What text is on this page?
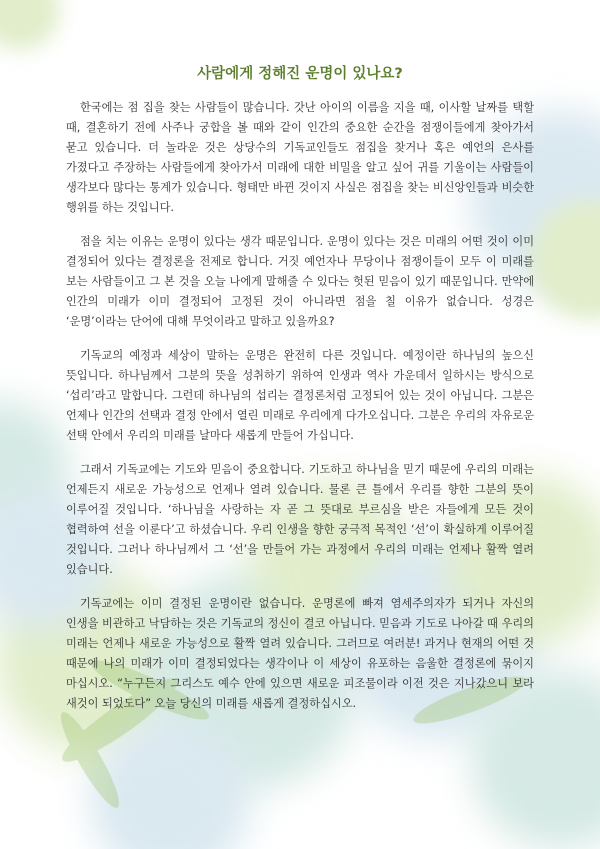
사람에게 정해진 운명이 있나요?

한국에는 점 집을 찾는 사람들이 많습니다. 갓난 아이의 이름을 지을 때, 이사할 날짜를 택할 때, 결혼하기 전에 사주나 궁합을 볼 때와 같이 인간의 중요한 순간을 점쟁이들에게 찾아가서 묻고 있습니다. 더 놀라운 것은 상당수의 기독교인들도 점집을 찾거나 혹은 예언의 은사를 가졌다고 주장하는 사람들에게 찾아가서 미래에 대한 비밀을 알고 싶어 귀를 기울이는 사람들이 생각보다 많다는 통계가 있습니다. 형태만 바뀐 것이지 사실은 점집을 찾는 비신앙인들과 비슷한 행위를 하는 것입니다.

점을 치는 이유는 운명이 있다는 생각 때문입니다. 운명이 있다는 것은 미래의 어떤 것이 이미 결정되어 있다는 결정론을 전제로 합니다. 거짓 예언자나 무당이나 점쟁이들이 모두 이 미래를 보는 사람들이고 그 본 것을 오늘 나에게 말해줄 수 있다는 헛된 믿음이 있기 때문입니다. 만약에 인간의 미래가 이미 결정되어 고정된 것이 아니라면 점을 칠 이유가 없습니다. 성경은 ‘운명’이라는 단어에 대해 무엇이라고 말하고 있을까요?

기독교의 예정과 세상이 말하는 운명은 완전히 다른 것입니다. 예정이란 하나님의 높으신 뜻입니다. 하나님께서 그분의 뜻을 성취하기 위하여 인생과 역사 가운데서 일하시는 방식으로 ‘섭리’라고 말합니다. 그런데 하나님의 섭리는 결정론처럼 고정되어 있는 것이 아닙니다. 그분은 언제나 인간의 선택과 결정 안에서 열린 미래로 우리에게 다가오십니다. 그분은 우리의 자유로운 선택 안에서 우리의 미래를 날마다 새롭게 만들어 가십니다.

그래서 기독교에는 기도와 믿음이 중요합니다. 기도하고 하나님을 믿기 때문에 우리의 미래는 언제든지 새로운 가능성으로 언제나 열려 있습니다. 물론 큰 틀에서 우리를 향한 그분의 뜻이 이루어질 것입니다. ‘하나님을 사랑하는 자 곧 그 뜻대로 부르심을 받은 자들에게 모든 것이 협력하여 선을 이룬다’고 하셨습니다. 우리 인생을 향한 궁극적 목적인 ‘선’이 확실하게 이루어질 것입니다. 그러나 하나님께서 그 ‘선’을 만들어 가는 과정에서 우리의 미래는 언제나 활짝 열려 있습니다.

기독교에는 이미 결정된 운명이란 없습니다. 운명론에 빠져 염세주의자가 되거나 자신의 인생을 비관하고 낙담하는 것은 기독교의 정신이 결코 아닙니다. 믿음과 기도로 나아갈 때 우리의 미래는 언제나 새로운 가능성으로 활짝 열려 있습니다. 그러므로 여러분! 과거나 현재의 어떤 것 때문에 나의 미래가 이미 결정되었다는 생각이나 이 세상이 유포하는 음울한 결정론에 묶이지 마십시오. “누구든지 그리스도 예수 안에 있으면 새로운 피조물이라 이전 것은 지나갔으니 보라 새것이 되었도다” 오늘 당신의 미래를 새롭게 결정하십시오.
